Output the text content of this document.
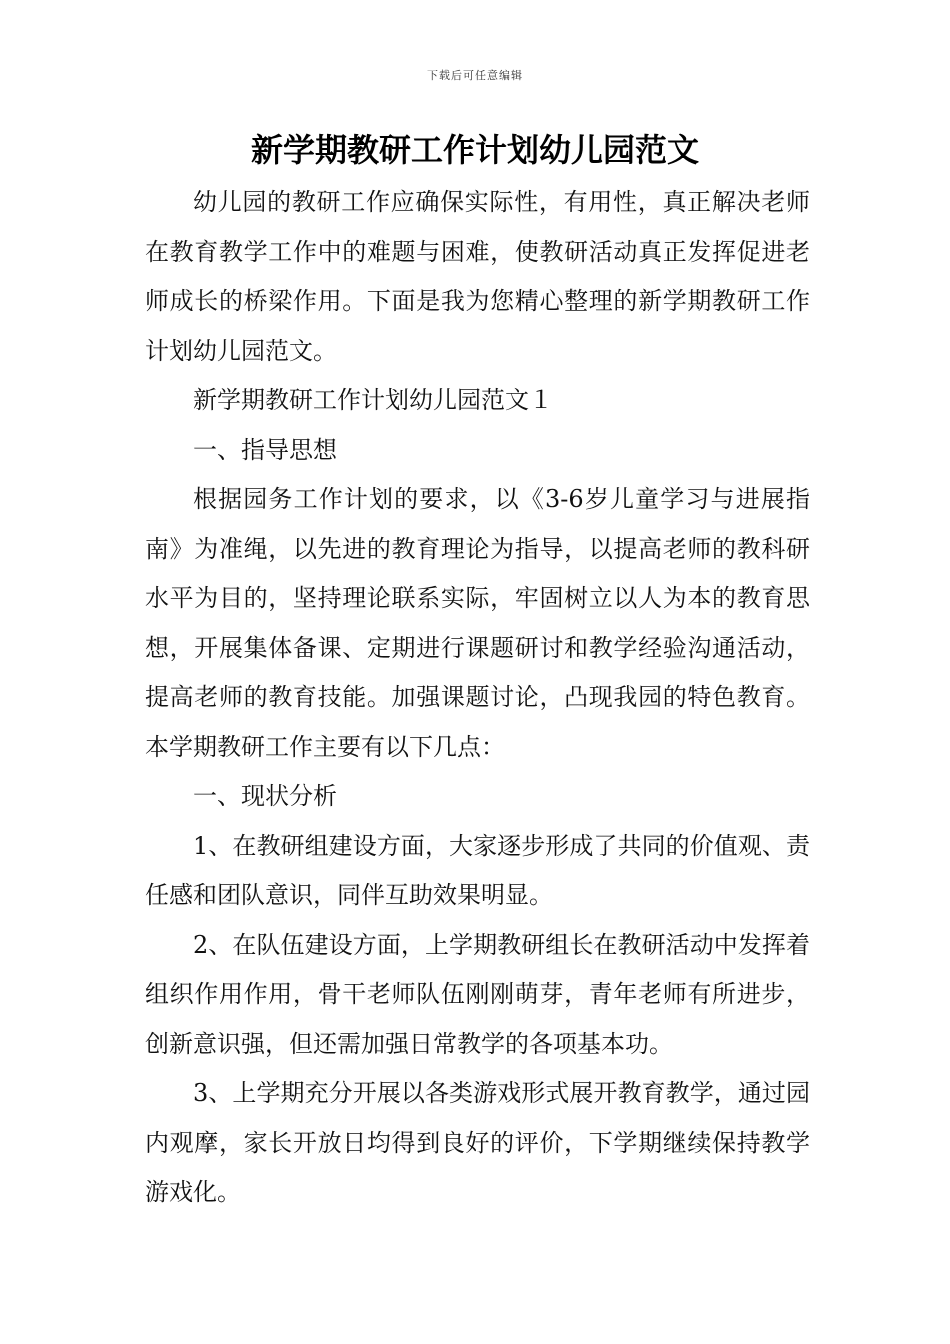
下载后可任意编辑
新学期教研工作计划幼儿园范文

幼儿园的教研工作应确保实际性，有用性，真正解决老师在教育教学工作中的难题与困难，使教研活动真正发挥促进老师成长的桥梁作用。下面是我为您精心整理的新学期教研工作计划幼儿园范文。

新学期教研工作计划幼儿园范文１

一、指导思想

根据园务工作计划的要求，以《3-6岁儿童学习与进展指南》为准绳，以先进的教育理论为指导，以提高老师的教科研水平为目的，坚持理论联系实际，牢固树立以人为本的教育思想，开展集体备课、定期进行课题研讨和教学经验沟通活动，提高老师的教育技能。加强课题讨论，凸现我园的特色教育。本学期教研工作主要有以下几点：

一、现状分析

1、在教研组建设方面，大家逐步形成了共同的价值观、责任感和团队意识，同伴互助效果明显。

2、在队伍建设方面，上学期教研组长在教研活动中发挥着组织作用作用，骨干老师队伍刚刚萌芽，青年老师有所进步，创新意识强，但还需加强日常教学的各项基本功。

3、上学期充分开展以各类游戏形式展开教育教学，通过园内观摩，家长开放日均得到良好的评价，下学期继续保持教学游戏化。
